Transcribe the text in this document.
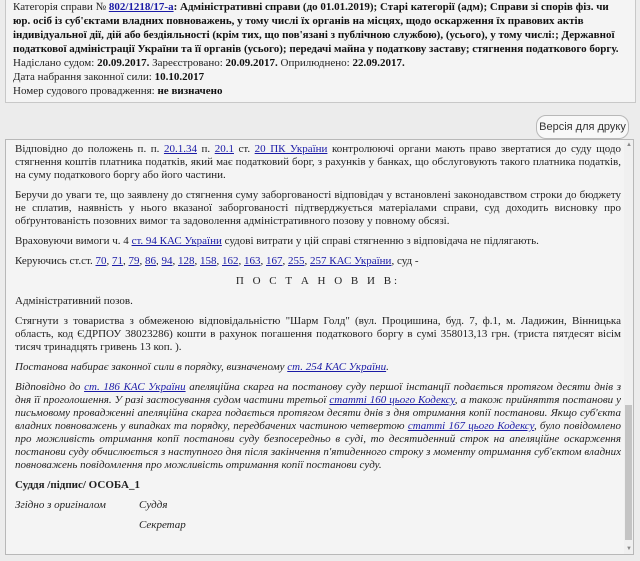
Категорія справи № 802/1218/17-а: Адміністративні справи (до 01.01.2019); Старі категорії (адм); Справи зі спорів фіз. чи юр. осіб із суб'єктами владних повноважень, у тому числі їх органів на місцях, щодо оскарження їх правових актів індивідуальної дії, дій або бездіяльності (крім тих, що пов'язані з публічною службою), (усього), у тому числі:; Державної податкової адміністрації України та її органів (усього); передачі майна у податкову заставу; стягнення податкового боргу.
Надіслано судом: 20.09.2017. Зареєстровано: 20.09.2017. Оприлюднено: 22.09.2017.
Дата набрання законної сили: 10.10.2017
Номер судового провадження: не визначено
Версія для друку

Відповідно до положень п. п. 20.1.34 п. 20.1 ст. 20 ПК України контролюючі органи мають право звертатися до суду щодо стягнення коштів платника податків, який має податковий борг, з рахунків у банках, що обслуговують такого платника податків, на суму податкового боргу або його частини.

Беручи до уваги те, що заявлену до стягнення суму заборгованості відповідач у встановлені законодавством строки до бюджету не сплатив, наявність у нього вказаної заборгованості підтверджується матеріалами справи, суд доходить висновку про обґрунтованість позовних вимог та задоволення адміністративного позову у повному обсязі.

Враховуючи вимоги ч. 4 ст. 94 КАС України судові витрати у цій справі стягненню з відповідача не підлягають.

Керуючись ст.ст. 70, 71, 79, 86, 94, 128, 158, 162, 163, 167, 255, 257 КАС України, суд -

П О С Т А Н О В И В:

Адміністративний позов.

Стягнути з товариства з обмеженою відповідальністю "Шарм Голд" (вул. Процишина, буд. 7, ф.1, м. Ладижин, Вінницька область, код ЄДРПОУ 38023286) кошти в рахунок погашення податкового боргу в сумі 358013,13 грн. (триста пятдесят вісім тисяч тринадцять гривень 13 коп. ).

Постанова набирає законної сили в порядку, визначеному ст. 254 КАС України.

Відповідно до ст. 186 КАС України апеляційна скарга на постанову суду першої інстанції подається протягом десяти днів з дня її проголошення. У разі застосування судом частини третьої статті 160 цього Кодексу, а також прийняття постанови у письмовому провадженні апеляційна скарга подається протягом десяти днів з дня отримання копії постанови. Якщо суб'єкта владних повноважень у випадках та порядку, передбачених частиною четвертою статті 167 цього Кодексу, було повідомлено про можливість отримання копії постанови суду безпосередньо в суді, то десятиденний строк на апеляційне оскарження постанови суду обчислюється з наступного дня після закінчення п'ятиденного строку з моменту отримання суб'єктом владних повноважень повідомлення про можливість отримання копії постанови суду.

Суддя /підпис/ ОСОБА_1

Згідно з оригіналом	Суддя

Секретар

▲
▼
